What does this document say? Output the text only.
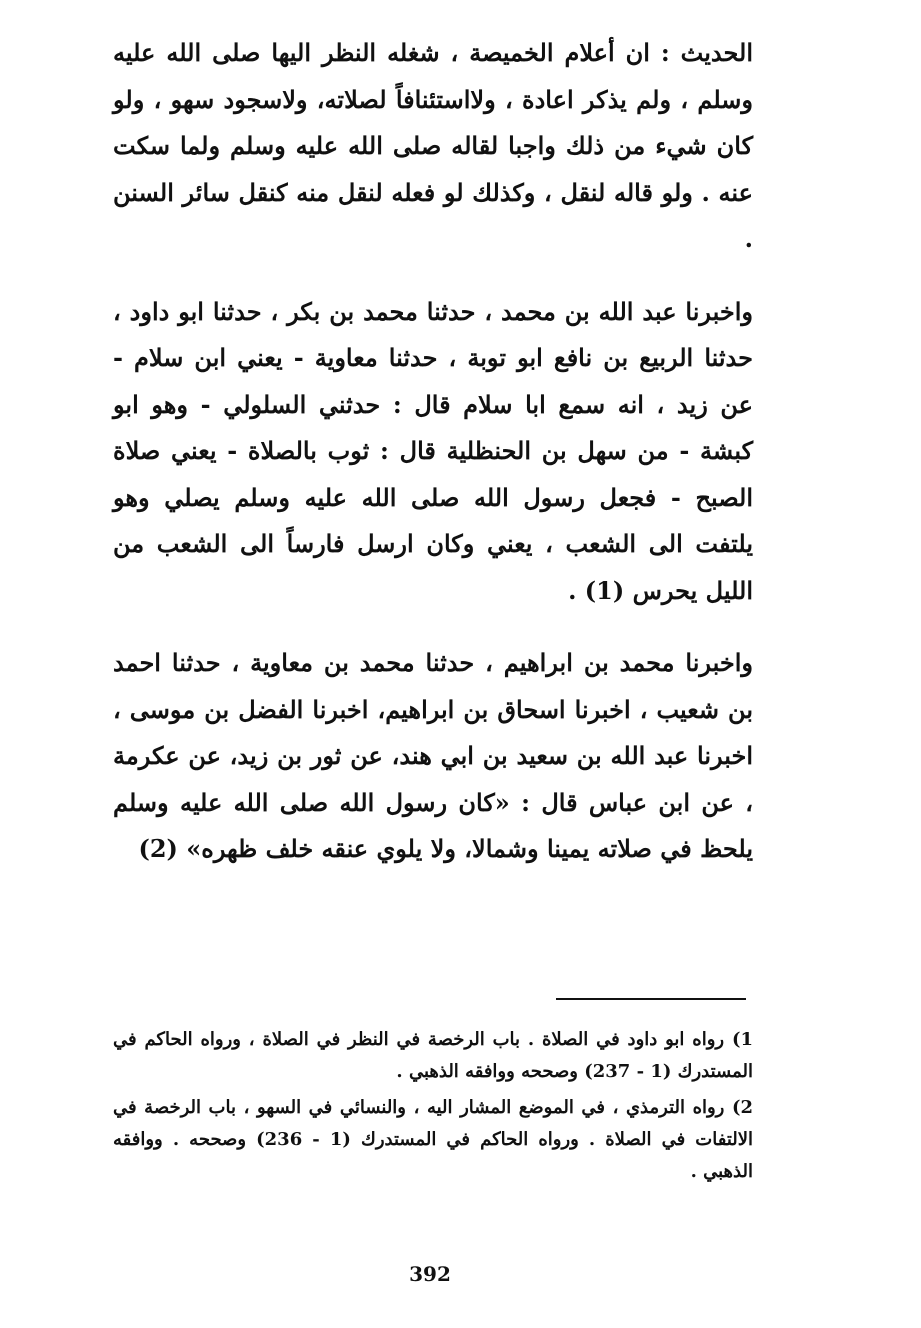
الحديث : ان أعلام الخميصة ، شغله النظر اليها صلى الله عليه وسلم ، ولم يذكر اعادة ، ولااستئنافاً لصلاته، ولاسجود سهو ، ولو كان شيء من ذلك واجبا لقاله صلى الله عليه وسلم ولما سكت عنه . ولو قاله لنقل ، وكذلك لو فعله لنقل منه كنقل سائر السنن .

واخبرنا عبد الله بن محمد ، حدثنا محمد بن بكر ، حدثنا ابو داود ، حدثنا الربيع بن نافع ابو توبة ، حدثنا معاوية - يعني ابن سلام - عن زيد ، انه سمع ابا سلام قال : حدثني السلولي - وهو ابو كبشة - من سهل بن الحنظلية قال : ثوب بالصلاة - يعني صلاة الصبح - فجعل رسول الله صلى الله عليه وسلم يصلي وهو يلتفت الى الشعب ، يعني وكان ارسل فارساً الى الشعب من الليل يحرس (1) .

واخبرنا محمد بن ابراهيم ، حدثنا محمد بن معاوية ، حدثنا احمد بن شعيب ، اخبرنا اسحاق بن ابراهيم، اخبرنا الفضل بن موسى ، اخبرنا عبد الله بن سعيد بن ابي هند، عن ثور بن زيد، عن عكرمة ، عن ابن عباس قال : «كان رسول الله صلى الله عليه وسلم يلحظ في صلاته يمينا وشمالا، ولا يلوي عنقه خلف ظهره» (2)

1) رواه ابو داود في الصلاة . باب الرخصة في النظر في الصلاة ، ورواه الحاكم في المستدرك (1 - 237) وصححه ووافقه الذهبي .

2) رواه الترمذي ، في الموضع المشار اليه ، والنسائي في السهو ، باب الرخصة في الالتفات في الصلاة . ورواه الحاكم في المستدرك (1 - 236) وصححه . ووافقه الذهبي .

392
